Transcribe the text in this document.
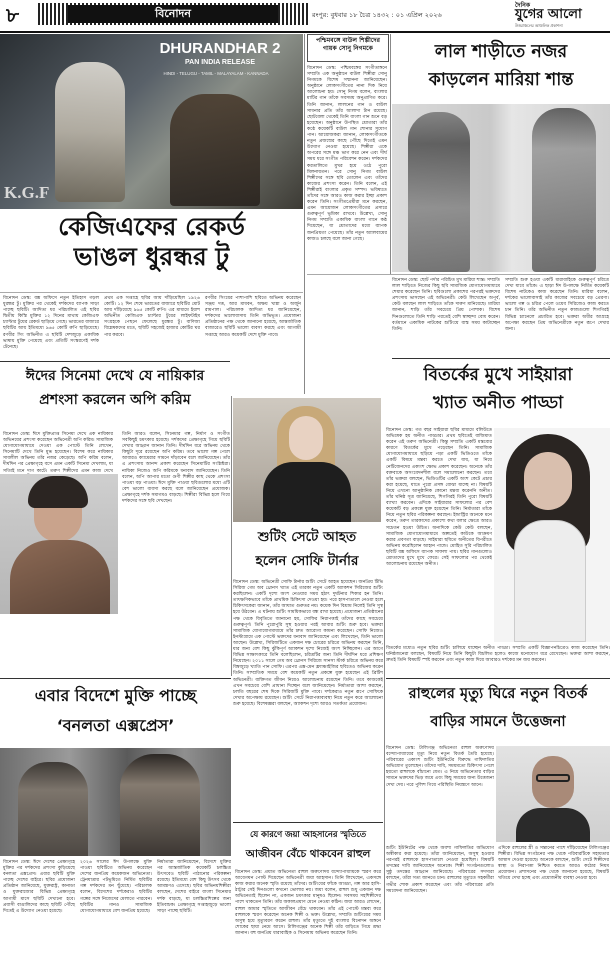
৮	বিনোদন	রংপুর: বুধবার ১৮ চৈত্র ১৪৩২ : ০১ এপ্রিল ২০২৬
দৈনিক
যুগের আলো
উত্তরাঞ্চলের আঞ্চলিক প্রকাশনা
DHURANDHAR 2
PAN INDIA RELEASE
HINDI - TELUGU - TAMIL - MALAYALAM - KANNADA
K.G.F
কেজিএফের রেকর্ড
ভাঙল ধুরন্ধর টু
বিনোদন ডেস্ক: বক্স অফিসে নতুন ইতিহাস গড়ল ধুরন্ধর টু। মুক্তির পর থেকেই দর্শকদের ব্যাপক সাড়া পাচ্ছে ছবিটি। আদিত্য ধর পরিচালিত এই ছবির দ্বিতীয় কিস্তি মুক্তির ১২ দিনের মাথায় কেজিএফ চ্যাপ্টার টুয়ের রেকর্ড ছাড়িয়ে গেছে। ভারতের বাজারে ছবিটির আয় ইতিমধ্যে ৯৬৫ কোটি রুপি ছাড়িয়েছে। রণবীর সিং অভিনীত এ ছবিটি দেশজুড়ে একাধিক ভাষায় মুক্তি পেয়েছে এবং প্রতিটি সংস্করণেই দর্শক টেনেছে।
প্রথম এক সপ্তাহে ছবির আয় দাঁড়িয়েছিল ১৯২৬ কোটি। ১২ দিন শেষে ভারতের বাজারে ছবিটির মোট আয় দাঁড়িয়েছে ৯৬৫ কোটি রুপি। এর মাধ্যমে ইয়াশ অভিনীত কেজিএফ চ্যাপ্টার টুয়ের লাইফটাইম সংগ্রহকে পেছনে ফেলেছে ধুরন্ধর টু। বাণিজ্য বিশ্লেষকদের মতে, ছবিটি সহজেই হাজার কোটির ঘর পার করবে।
রণবীর সিংয়ের পাশাপাশি ছবিতে অভিনয় করেছেন সঞ্জয় দত্ত, আর মাধবন, অক্ষয় খান্না ও অর্জুন রামপাল। পরিচালক আদিত্য ধর জানিয়েছেন, দর্শকদের ভালোবাসায় তিনি অভিভূত। প্রযোজনা প্রতিষ্ঠানের পক্ষ থেকে জানানো হয়েছে, আন্তর্জাতিক বাজারেও ছবিটি ভালো ব্যবসা করছে এবং আগামী সপ্তাহে আরও কয়েকটি দেশে মুক্তি পাবে।
পশ্চিমবঙ্গে বাউল শিল্পীদের গায়ক সোনু নিগমকে
বিনোদন ডেস্ক: পশ্চিমবঙ্গের সংগীতাঙ্গনে সম্প্রতি এক অনুষ্ঠানে বাউল শিল্পীরা সোনু নিগমকে বিশেষ সম্মাননা জানিয়েছেন। অনুষ্ঠানে লোকসংগীতের নানা দিক নিয়ে আলোচনা হয়। সোনু নিগম বলেন, বাংলার মাটির গান তাঁকে সবসময় অনুপ্রাণিত করে। তিনি জানান, লালনের গান ও বাউল সাধনার প্রতি তাঁর আলাদা টান রয়েছে। ছোটবেলা থেকেই তিনি বাংলা গান শুনে বড় হয়েছেন। অনুষ্ঠানে উপস্থিত শ্রোতারা তাঁর কণ্ঠে কয়েকটি বাউল গান শোনার সুযোগ পান। আয়োজকরা জানান, লোকসংগীতকে নতুন প্রজন্মের কাছে পৌঁছে দিতেই এমন উদ্যোগ নেওয়া হয়েছে। শিল্পীরা একে অপরের সঙ্গে মঞ্চ ভাগ করে নেন এবং দীর্ঘ সময় ধরে সংগীত পরিবেশন করেন। দর্শকদের করতালিতে মুখর হয়ে ওঠে পুরো মিলনায়তন। পরে সোনু নিগম বাউল শিল্পীদের সঙ্গে ছবি তোলেন এবং তাঁদের কাজের প্রশংসা করেন। তিনি বলেন, এই শিল্পীরাই বাংলার প্রকৃত সম্পদ। ভবিষ্যতে তাঁদের সঙ্গে আরও কাজ করার ইচ্ছা প্রকাশ করেন তিনি। সংগীতপ্রেমীরা মনে করছেন, এমন আয়োজন লোকসংগীতের প্রসারে গুরুত্বপূর্ণ ভূমিকা রাখবে। উল্লেখ্য, সোনু নিগম সম্প্রতি একাধিক বাংলা গানে কণ্ঠ দিয়েছেন, যা শ্রোতাদের মধ্যে ব্যাপক জনপ্রিয়তা পেয়েছে। তাঁর নতুন অ্যালবামের কাজও চলছে বলে জানা গেছে।
লাল শাড়ীতে নজর
কাড়লেন মারিয়া শান্ত
বিনোদন ডেস্ক: ছোট পর্দার পরিচিত মুখ মারিয়া শান্ত। সম্প্রতি লাল শাড়িতে নিজের কিছু ছবি সামাজিক যোগাযোগমাধ্যমে শেয়ার করেছেন তিনি। ছবিগুলো প্রকাশের পরপরই ভক্তদের প্রশংসায় ভাসছেন এই অভিনেত্রী। কেউ লিখেছেন অপূর্ব, কেউ বলছেন লাল শাড়িতে তাঁকে দারুণ মানিয়েছে। মারিয়া জানান, শাড়ি তাঁর সবচেয়ে প্রিয় পোশাক। বিশেষ দিনগুলোতে তিনি শাড়ি পরতেই বেশি স্বাচ্ছন্দ্য বোধ করেন। বর্তমানে একাধিক নাটকের শুটিংয়ে ব্যস্ত সময় কাটাচ্ছেন তিনি।
সম্প্রতি শুরু হওয়া একটি ধারাবাহিকে গুরুত্বপূর্ণ চরিত্রে দেখা যাবে তাঁকে। এ ছাড়া ঈদ উপলক্ষে নির্মিত কয়েকটি বিশেষ নাটকেও কাজ করেছেন তিনি। মারিয়া বলেন, দর্শকের ভালোবাসাই তাঁর কাজের সবচেয়ে বড় প্রেরণা। ভালো গল্প ও চরিত্র পেলে ওয়েব সিরিজেও কাজ করতে চান তিনি। তাঁর অভিনীত নতুন কাজগুলো শিগগিরই বিভিন্ন চ্যানেলে প্রচারিত হবে। ভক্তরা অধীর আগ্রহে অপেক্ষা করছেন প্রিয় অভিনেত্রীকে নতুন রূপে দেখার জন্য।
বিতর্কের মুখে সাইয়ারা
খ্যাত অনীত পাড্ডা
বিনোদন ডেস্ক: গত বছর সাইয়ারা ছবির মাধ্যমে বলিউডে অভিষেক হয় অনীত পাড্ডার। প্রথম ছবিতেই বাজিমাত করেন এই তরুণ অভিনেত্রী। কিন্তু সম্প্রতি একটি মন্তব্যের কারণে বিতর্কের মুখে পড়েছেন তিনি। সামাজিক যোগাযোগমাধ্যমে ছড়িয়ে পড়া একটি ভিডিওতে তাঁকে একটি বিষয়ে মন্তব্য করতে দেখা যায়, যা নিয়ে নেটিজেনদের একাংশ ক্ষোভ প্রকাশ করেছেন। অনেকে তাঁর বক্তব্যকে অসংবেদনশীল বলে সমালোচনা করছেন। তবে তাঁর ভক্তরা বলছেন, ভিডিওটির একটি অংশ কেটে প্রচার করা হয়েছে, যাতে পুরো প্রসঙ্গ বোঝা যাচ্ছে না। বিষয়টি নিয়ে এখনো আনুষ্ঠানিক কোনো মন্তব্য করেননি অনীত। তাঁর ঘনিষ্ঠ সূত্র জানিয়েছে, শিগগিরই তিনি পুরো বিষয়টি ব্যাখ্যা করবেন। এদিকে সাইয়ারার সাফল্যের পর বেশ কয়েকটি বড় প্রকল্পে যুক্ত হয়েছেন তিনি। নির্মাতারা তাঁকে নিয়ে নতুন ছবির পরিকল্পনা করছেন। ইন্ডাস্ট্রির অনেকে মনে করেন, তরুণ তারকাদের প্রকাশ্যে কথা বলার ক্ষেত্রে আরও সচেতন হওয়া উচিত। অন্যদিকে কেউ কেউ বলছেন, সামাজিক যোগাযোগমাধ্যমে অল্পতেই কাউকে আক্রমণ করার প্রবণতা বাড়ছে। সাইয়ারা ছবিতে অনীতের বিপরীতে অভিনয় করেছিলেন আহান পান্ডে। মোহিত সুরি পরিচালিত ছবিটি বক্স অফিসে ব্যাপক সাফল্য পায়। ছবির গানগুলোও শ্রোতাদের মুখে মুখে ফেরে। সেই সাফল্যের পর থেকেই আলোচনায় রয়েছেন অনীত।
বিতর্কের মধ্যেও নতুন ছবির শুটিং চালিয়ে যাচ্ছেন অনীত পাড্ডা। সম্প্রতি একটি বিজ্ঞাপনচিত্রেও কাজ করেছেন তিনি। ঘনিষ্ঠজনেরা বলছেন, বিষয়টি নিয়ে তিনি কিছুটা বিচলিত হলেও কাজে মনোযোগ ধরে রেখেছেন। ভক্তরা আশা করছেন, দ্রুতই তিনি বিষয়টি স্পষ্ট করবেন এবং নতুন কাজ দিয়ে আবারও দর্শকের মন জয় করবেন।
ঈদের সিনেমা দেখে যে নায়িকার
প্রশংসা করলেন অপি করিম
বিনোদন ডেস্ক: ঈদে মুক্তিপ্রাপ্ত সিনেমা দেখে এক নায়িকার অভিনয়ের প্রশংসা করেছেন অভিনেত্রী অপি করিম। সামাজিক যোগাযোগমাধ্যমে দেওয়া এক পোস্টে তিনি লেখেন, সিনেমাটি দেখে তিনি মুগ্ধ হয়েছেন। বিশেষ করে নায়িকার সাবলীল অভিনয় তাঁর নজর কেড়েছে। অপি করিম বলেন, দীর্ঘদিন পর প্রেক্ষাগৃহে বসে এমন একটি সিনেমা দেখলাম, যা সত্যিই মনে দাগ কাটে। তরুণ শিল্পীদের এমন কাজ দেখে
তিনি আরও বলেন, সিনেমার গল্প, নির্মাণ ও সংগীত সবকিছুই চমৎকার হয়েছে। দর্শকদের প্রেক্ষাগৃহে গিয়ে ছবিটি দেখার আহ্বান জানান তিনি। দীর্ঘদিন ধরে অভিনয় থেকে কিছুটা দূরে রয়েছেন অপি করিম। তবে ভালো গল্প পেলে আবারও ক্যামেরার সামনে দাঁড়াবেন বলে জানিয়েছেন। তাঁর এ প্রশংসায় আনন্দ প্রকাশ করেছেন সিনেমাটির সংশ্লিষ্টরা। নায়িকা নিজেও অপি করিমকে ধন্যবাদ জানিয়েছেন। তিনি বলেন, অপি আপার মতো গুণী শিল্পীর কাছ থেকে প্রশংসা পাওয়া বড় পাওয়া। ঈদে মুক্তি পাওয়া ছবিগুলোর মধ্যে এটি বেশ ভালো ব্যবসা করছে বলে জানিয়েছেন প্রযোজক। প্রেক্ষাগৃহে দর্শক সমাগমও বাড়ছে। শিল্পীরা বিভিন্ন হলে গিয়ে দর্শকদের সঙ্গে ছবি দেখছেন।
শুটিং সেটে আহত
হলেন সোফি টার্নার
বিনোদন ডেস্ক: অভিনেত্রী সোফি টার্নার শুটিং সেটে আহত হয়েছেন। জনপ্রিয় টিভি সিরিজ গেম অব থ্রোনস খ্যাত এই তারকা নতুন একটি অ্যাকশন সিরিজের শুটিং করছিলেন। একটি দৃশ্যে অংশ নেওয়ার সময় হঠাৎ দুর্ঘটনার শিকার হন তিনি। তাৎক্ষণিকভাবে তাঁকে প্রাথমিক চিকিৎসা দেওয়া হয়। পরে হাসপাতালে নেওয়া হলে চিকিৎসকেরা জানান, তাঁর আঘাত গুরুতর নয়। কয়েক দিন বিশ্রাম নিলেই তিনি সুস্থ হয়ে উঠবেন। এ ঘটনায় শুটিং সাময়িকভাবে বন্ধ রাখা হয়েছে। প্রযোজনা প্রতিষ্ঠানের পক্ষ থেকে বিবৃতিতে জানানো হয়, সোফির নিরাপত্তাই তাঁদের কাছে সবচেয়ে গুরুত্বপূর্ণ। তিনি পুরোপুরি সুস্থ হওয়ার পরই আবার শুটিং শুরু হবে। ভক্তরা সামাজিক যোগাযোগমাধ্যমে তাঁর দ্রুত আরোগ্য কামনা করেছেন। সোফি নিজেও ইনস্টাগ্রামে এক পোস্টে ভক্তদের ধন্যবাদ জানিয়েছেন এবং লিখেছেন, তিনি ভালো আছেন। উল্লেখ্য, সিরিজটিতে একজন দক্ষ চোরের চরিত্রে অভিনয় করছেন তিনি, যার জন্য বেশ কিছু ঝুঁকিপূর্ণ অ্যাকশন দৃশ্যে নিজেই অংশ নিচ্ছিলেন। এর আগে বিভিন্ন সাক্ষাৎকারে তিনি বলেছিলেন, চরিত্রটির জন্য তিনি দীর্ঘদিন ধরে প্রশিক্ষণ নিয়েছেন। ২০১১ সালে গেম অব থ্রোনস সিরিজে সানসা স্টার্ক চরিত্রে অভিনয় করে বিশ্বজুড়ে খ্যাতি পান সোফি। এরপর এক্স-মেন ফ্র্যাঞ্চাইজির ছবিতেও অভিনয় করেন তিনি। সাম্প্রতিক সময়ে বেশ কয়েকটি নতুন প্রকল্পে যুক্ত হয়েছেন এই ব্রিটিশ অভিনেত্রী। ব্যক্তিগত জীবন নিয়েও আলোচনায় রয়েছেন তিনি। তবে কাজকেই এখন সবচেয়ে বেশি প্রাধান্য দিচ্ছেন বলে জানিয়েছেন। নির্মাতারা আশা করছেন, চলতি বছরের শেষ দিকে সিরিজটি মুক্তি পাবে। দর্শকেরাও নতুন রূপে সোফিকে দেখার অপেক্ষায় রয়েছেন। শুটিং সেটে নিরাপত্তাব্যবস্থা নিয়ে নতুন করে আলোচনা শুরু হয়েছে। বিশেষজ্ঞরা বলছেন, অ্যাকশন দৃশ্যে আরও সতর্কতা প্রয়োজন।
এবার বিদেশে মুক্তি পাচ্ছে
‘বনলতা এক্সপ্রেস’
বিনোদন ডেস্ক: ঈদে দেশের প্রেক্ষাগৃহে মুক্তির পর দর্শকদের প্রশংসা কুড়িয়েছে বনলতা এক্সপ্রেস। এবার ছবিটি মুক্তি পাচ্ছে দেশের বাইরে। ছবির প্রযোজনা প্রতিষ্ঠান জানিয়েছে, যুক্তরাষ্ট্র, কানাডা ও যুক্তরাজ্যের বিভিন্ন প্রেক্ষাগৃহে আগামী মাসে ছবিটি দেখানো হবে। প্রবাসী বাঙালিদের কাছে ছবিটি পৌঁছে দিতেই এ উদ্যোগ নেওয়া হয়েছে।
২০২৬ সালের ঈদ উপলক্ষে মুক্তি পাওয়া ছবিটিতে অভিনয় করেছেন দেশের জনপ্রিয় কয়েকজন অভিনেতা। ট্রেনযাত্রার পটভূমিতে নির্মিত ছবিটির গল্প দর্শকদের মন ছুঁয়েছে। পরিচালক বলেন, বিদেশের দর্শকেরাও ছবিটির গল্পের সঙ্গে নিজেদের মেলাতে পারবেন। ছবিটির গানও সামাজিক যোগাযোগমাধ্যমে বেশ জনপ্রিয় হয়েছে।
নির্মাতারা জানিয়েছেন, বিদেশে মুক্তির পর আন্তর্জাতিক কয়েকটি চলচ্চিত্র উৎসবেও ছবিটি পাঠানোর পরিকল্পনা রয়েছে। ইতিমধ্যে বেশ কিছু উৎসব থেকে আমন্ত্রণও এসেছে। ছবির অভিনয়শিল্পীরা বলছেন, দেশের বাইরে বাংলা সিনেমার দর্শক বাড়ছে, যা চলচ্চিত্রশিল্পের জন্য ইতিবাচক। প্রেক্ষাগৃহে সপ্তাহজুড়ে ভালো সাড়া পাচ্ছে ছবিটি।
যে কারণে জয়া আহসানের স্মৃতিতে
আজীবন বেঁচে থাকবেন রাহুল
বিনোদন ডেস্ক: প্রয়াত অভিনেতা রাহুল অরুণোদয় বন্দ্যোপাধ্যায়কে স্মরণ করে আবেগঘন পোস্ট দিয়েছেন অভিনেত্রী জয়া আহসান। তিনি লিখেছেন, একসঙ্গে কাজ করার অনেক স্মৃতি রয়েছে তাঁদের। শুটিংয়ের ফাঁকে আড্ডা, গল্প আর হাসি-ঠাট্টার সেই দিনগুলো কখনো ভোলার নয়। জয়া বলেন, রাহুল শুধু একজন দক্ষ অভিনেতাই ছিলেন না, একজন চমৎকার মানুষও ছিলেন। সবসময় সহশিল্পীদের পাশে থাকতেন তিনি। তাঁর অকালপ্রয়াণ মেনে নেওয়া কঠিন। জয়া আরও লেখেন, রাহুল আমার স্মৃতিতে আজীবন বেঁচে থাকবেন। তাঁর এই পোস্টে মন্তব্য করে রাহুলকে স্মরণ করেছেন অনেক শিল্পী ও ভক্ত। উল্লেখ্য, সম্প্রতি শুটিংয়ের সময় অসুস্থ হয়ে মৃত্যুবরণ করেন রাহুল। তাঁর মৃত্যুতে দুই বাংলার বিনোদন অঙ্গনে শোকের ছায়া নেমে আসে। টালিগঞ্জের অনেক শিল্পী তাঁর বাড়িতে গিয়ে শ্রদ্ধা জানান। বহু জনপ্রিয় ধারাবাহিক ও সিনেমায় অভিনয় করেছেন তিনি।
রাহুলের মৃত্যু ঘিরে নতুন বিতর্ক
বাড়ির সামনে উত্তেজনা
বিনোদন ডেস্ক: টালিগঞ্জ অভিনেতা রাহুল অরুণোদয় বন্দ্যোপাধ্যায়ের মৃত্যু নিয়ে নতুন বিতর্ক তৈরি হয়েছে। পরিবারের একাংশ শুটিং ইউনিটের বিরুদ্ধে গাফিলতির অভিযোগ তুলেছেন। তাঁদের দাবি, সময়মতো চিকিৎসা পেলে হয়তো রাহুলকে বাঁচানো যেত। এ নিয়ে অভিনেতার বাড়ির সামনে ভক্তদের ভিড় জমে এবং কিছু সময়ের জন্য উত্তেজনা দেখা দেয়। পরে পুলিশ গিয়ে পরিস্থিতি নিয়ন্ত্রণে আনে।
শুটিং ইউনিটের পক্ষ থেকে অবশ্য গাফিলতির অভিযোগ অস্বীকার করা হয়েছে। তাঁরা জানিয়েছেন, অসুস্থ হওয়ার পরপরই রাহুলকে হাসপাতালে নেওয়া হয়েছিল। বিষয়টি তদন্তের দাবি জানিয়েছেন অনেকে। শিল্পী সংগঠনগুলোও সুষ্ঠু তদন্তের আহ্বান জানিয়েছে। পরিবারের সদস্যরা বলছেন, তাঁরা সত্য জানতে চান। রাহুলের মৃত্যুতে সহকর্মীরা গভীর শোক প্রকাশ করেছেন এবং তাঁর পরিবারের প্রতি সমবেদনা জানিয়েছেন।
এদিকে রাহুলের স্ত্রী ও সন্তানের পাশে দাঁড়িয়েছেন টালিগঞ্জের শিল্পীরা। বিভিন্ন সংগঠনের পক্ষ থেকে পরিবারটিকে সহায়তার আশ্বাস দেওয়া হয়েছে। অনেকে বলছেন, শুটিং সেটে শিল্পীদের স্বাস্থ্য ও নিরাপত্তা নিশ্চিত করতে আরও কঠোর নিয়ম প্রয়োজন। প্রশাসনের পক্ষ থেকে জানানো হয়েছে, বিষয়টি খতিয়ে দেখা হচ্ছে এবং প্রয়োজনীয় ব্যবস্থা নেওয়া হবে।
